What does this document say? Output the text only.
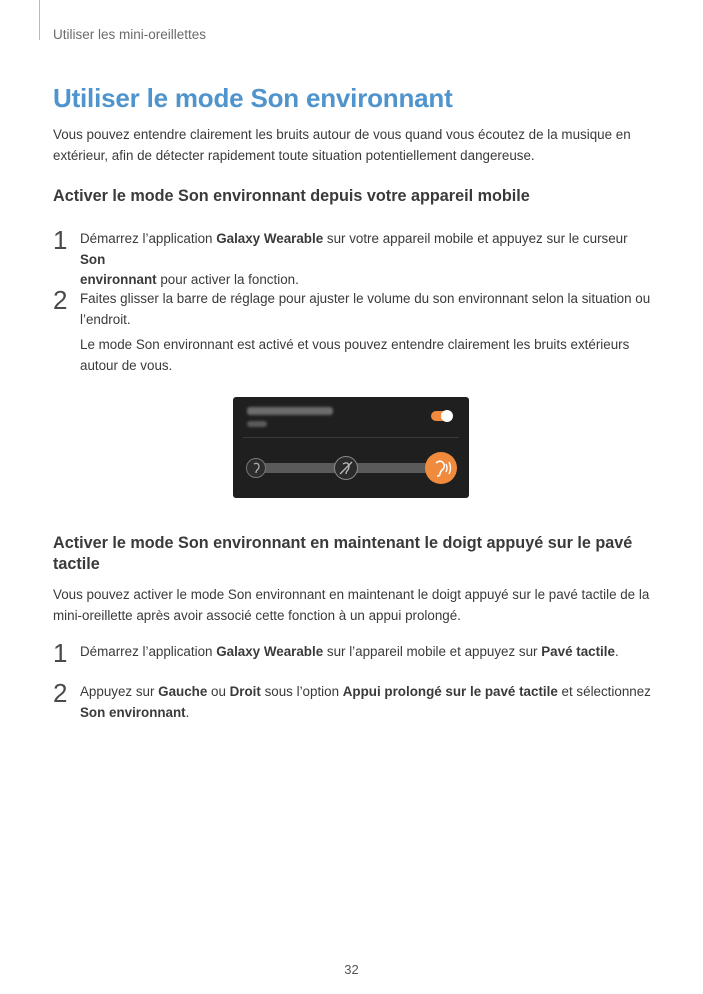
Utiliser les mini-oreillettes
Utiliser le mode Son environnant

Vous pouvez entendre clairement les bruits autour de vous quand vous écoutez de la musique en
extérieur, afin de détecter rapidement toute situation potentiellement dangereuse.

Activer le mode Son environnant depuis votre appareil mobile
1 Démarrez l’application Galaxy Wearable sur votre appareil mobile et appuyez sur le curseur Son
environnant pour activer la fonction.

2 Faites glisser la barre de réglage pour ajuster le volume du son environnant selon la situation ou
l’endroit.

Le mode Son environnant est activé et vous pouvez entendre clairement les bruits extérieurs
autour de vous.

Activer le mode Son environnant en maintenant le doigt appuyé sur le pavé
tactile

Vous pouvez activer le mode Son environnant en maintenant le doigt appuyé sur le pavé tactile de la
mini-oreillette après avoir associé cette fonction à un appui prolongé.

1 Démarrez l’application Galaxy Wearable sur l’appareil mobile et appuyez sur Pavé tactile.

2 Appuyez sur Gauche ou Droit sous l’option Appui prolongé sur le pavé tactile et sélectionnez
Son environnant.

32
